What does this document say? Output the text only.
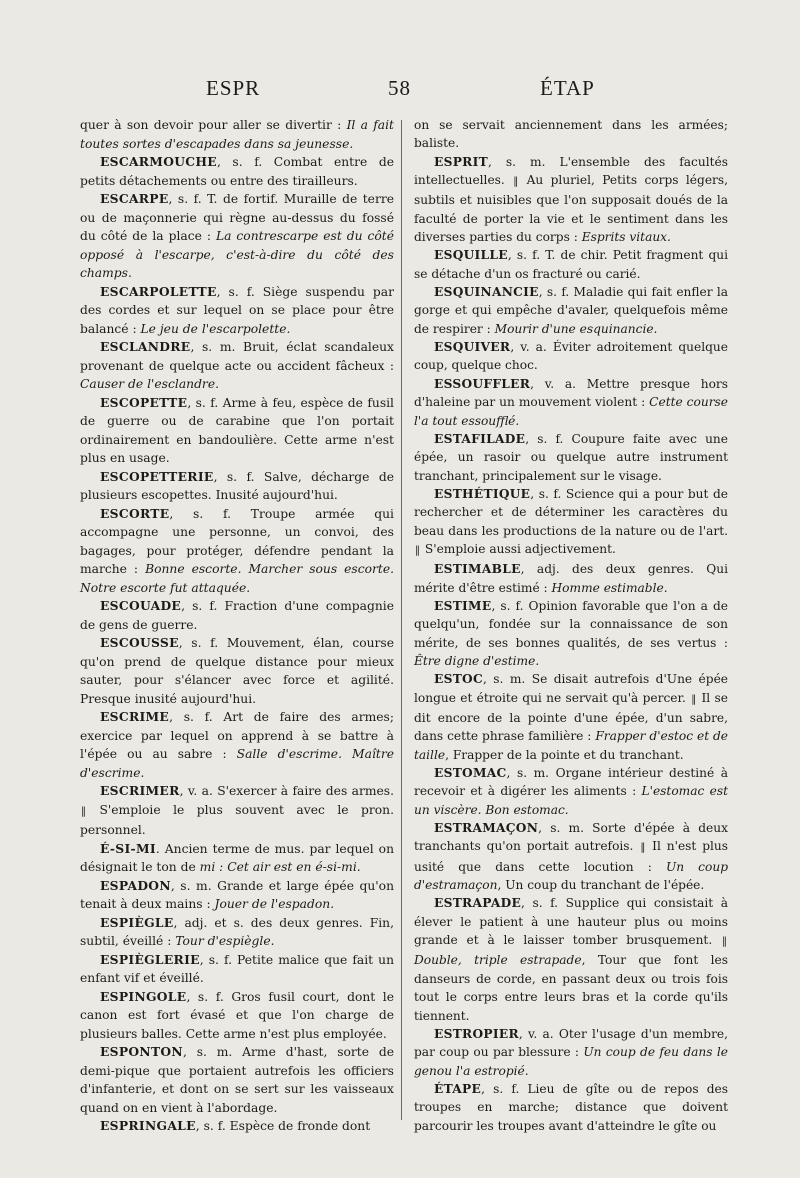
ESPR	58	ÉTAP

quer à son devoir pour aller se divertir : Il a fait toutes sortes d'escapades dans sa jeunesse.

ESCARMOUCHE, s. f. Combat entre de petits détachements ou entre des tirailleurs.

ESCARPE, s. f. T. de fortif. Muraille de terre ou de maçonnerie qui règne au-dessus du fossé du côté de la place : La contrescarpe est du côté opposé à l'escarpe, c'est-à-dire du côté des champs.

ESCARPOLETTE, s. f. Siège suspendu par des cordes et sur lequel on se place pour être balancé : Le jeu de l'escarpolette.

ESCLANDRE, s. m. Bruit, éclat scandaleux provenant de quelque acte ou accident fâcheux : Causer de l'esclandre.

ESCOPETTE, s. f. Arme à feu, espèce de fusil de guerre ou de carabine que l'on portait ordinairement en bandoulière. Cette arme n'est plus en usage.

ESCOPETTERIE, s. f. Salve, décharge de plusieurs escopettes. Inusité aujourd'hui.

ESCORTE, s. f. Troupe armée qui accompagne une personne, un convoi, des bagages, pour protéger, défendre pendant la marche : Bonne escorte. Marcher sous escorte. Notre escorte fut attaquée.

ESCOUADE, s. f. Fraction d'une compagnie de gens de guerre.

ESCOUSSE, s. f. Mouvement, élan, course qu'on prend de quelque distance pour mieux sauter, pour s'élancer avec force et agilité. Presque inusité aujourd'hui.

ESCRIME, s. f. Art de faire des armes; exercice par lequel on apprend à se battre à l'épée ou au sabre : Salle d'escrime. Maître d'escrime.

ESCRIMER, v. a. S'exercer à faire des armes. ‖ S'emploie le plus souvent avec le pron. personnel.

É-SI-MI. Ancien terme de mus. par lequel on désignait le ton de mi : Cet air est en é-si-mi.

ESPADON, s. m. Grande et large épée qu'on tenait à deux mains : Jouer de l'espadon.

ESPIÈGLE, adj. et s. des deux genres. Fin, subtil, éveillé : Tour d'espiègle.

ESPIÈGLERIE, s. f. Petite malice que fait un enfant vif et éveillé.

ESPINGOLE, s. f. Gros fusil court, dont le canon est fort évasé et que l'on charge de plusieurs balles. Cette arme n'est plus employée.

ESPONTON, s. m. Arme d'hast, sorte de demi-pique que portaient autrefois les officiers d'infanterie, et dont on se sert sur les vaisseaux quand on en vient à l'abordage.

ESPRINGALE, s. f. Espèce de fronde dont

on se servait anciennement dans les armées; baliste.

ESPRIT, s. m. L'ensemble des facultés intellectuelles. ‖ Au pluriel, Petits corps légers, subtils et nuisibles que l'on supposait doués de la faculté de porter la vie et le sentiment dans les diverses parties du corps : Esprits vitaux.

ESQUILLE, s. f. T. de chir. Petit fragment qui se détache d'un os fracturé ou carié.

ESQUINANCIE, s. f. Maladie qui fait enfler la gorge et qui empêche d'avaler, quelquefois même de respirer : Mourir d'une esquinancie.

ESQUIVER, v. a. Éviter adroitement quelque coup, quelque choc.

ESSOUFFLER, v. a. Mettre presque hors d'haleine par un mouvement violent : Cette course l'a tout essoufflé.

ESTAFILADE, s. f. Coupure faite avec une épée, un rasoir ou quelque autre instrument tranchant, principalement sur le visage.

ESTHÉTIQUE, s. f. Science qui a pour but de rechercher et de déterminer les caractères du beau dans les productions de la nature ou de l'art. ‖ S'emploie aussi adjectivement.

ESTIMABLE, adj. des deux genres. Qui mérite d'être estimé : Homme estimable.

ESTIME, s. f. Opinion favorable que l'on a de quelqu'un, fondée sur la connaissance de son mérite, de ses bonnes qualités, de ses vertus : Être digne d'estime.

ESTOC, s. m. Se disait autrefois d'Une épée longue et étroite qui ne servait qu'à percer. ‖ Il se dit encore de la pointe d'une épée, d'un sabre, dans cette phrase familière : Frapper d'estoc et de taille, Frapper de la pointe et du tranchant.

ESTOMAC, s. m. Organe intérieur destiné à recevoir et à digérer les aliments : L'estomac est un viscère. Bon estomac.

ESTRAMAÇON, s. m. Sorte d'épée à deux tranchants qu'on portait autrefois. ‖ Il n'est plus usité que dans cette locution : Un coup d'estramaçon, Un coup du tranchant de l'épée.

ESTRAPADE, s. f. Supplice qui consistait à élever le patient à une hauteur plus ou moins grande et à le laisser tomber brusquement. ‖ Double, triple estrapade, Tour que font les danseurs de corde, en passant deux ou trois fois tout le corps entre leurs bras et la corde qu'ils tiennent.

ESTROPIER, v. a. Oter l'usage d'un membre, par coup ou par blessure : Un coup de feu dans le genou l'a estropié.

ÉTAPE, s. f. Lieu de gîte ou de repos des troupes en marche; distance que doivent parcourir les troupes avant d'atteindre le gîte ou
